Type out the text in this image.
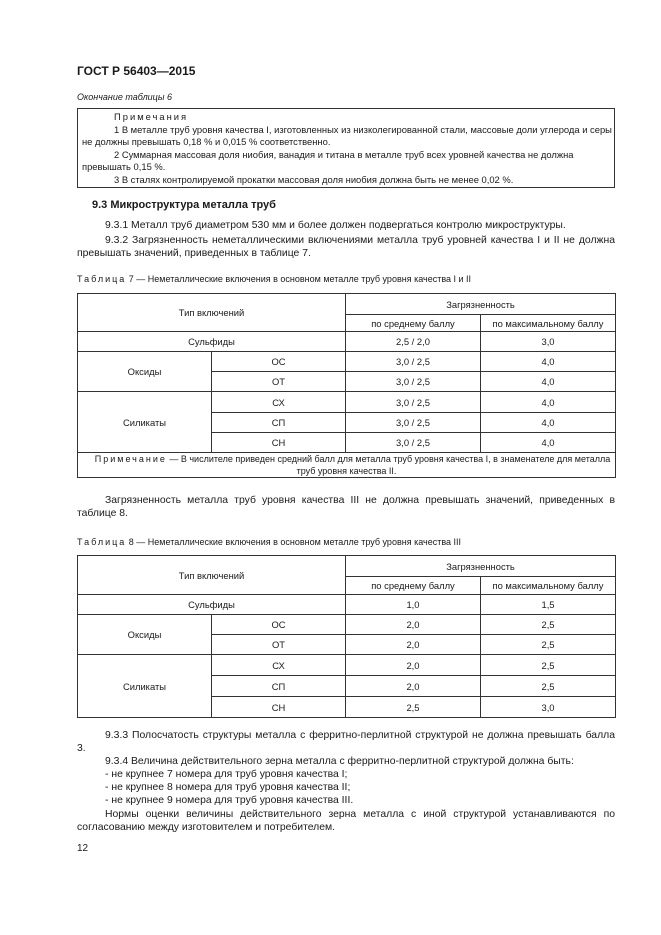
ГОСТ Р 56403—2015
Окончание таблицы 6

Примечания

1 В металле труб уровня качества I, изготовленных из низколегированной стали, массовые доли углерода и серы не должны превышать 0,18 % и 0,015 % соответственно.

2 Суммарная массовая доля ниобия, ванадия и титана в металле труб всех уровней качества не должна превышать 0,15 %.

3 В сталях контролируемой прокатки массовая доля ниобия должна быть не менее 0,02 %.

9.3 Микроструктура металла труб

9.3.1 Металл труб диаметром 530 мм и более должен подвергаться контролю микроструктуры.

9.3.2 Загрязненность неметаллическими включениями металла труб уровней качества I и II не должна превышать значений, приведенных в таблице 7.

Таблица 7 — Неметаллические включения в основном металле труб уровня качества I и II
Тип включений		Загрязненность	
		по среднему баллу	по максимальному баллу
Сульфиды		2,5 / 2,0	3,0
Оксиды	ОС	3,0 / 2,5	4,0
	ОТ	3,0 / 2,5	4,0
Силикаты	СХ	3,0 / 2,5	4,0
	СП	3,0 / 2,5	4,0
	СН	3,0 / 2,5	4,0
Примечание — В числителе приведен средний балл для металла труб уровня качества I, в знаменателе для металла труб уровня качества II.			

Загрязненность металла труб уровня качества III не должна превышать значений, приведенных в таблице 8.

Таблица 8 — Неметаллические включения в основном металле труб уровня качества III
Тип включений		Загрязненность	
		по среднему баллу	по максимальному баллу
Сульфиды		1,0	1,5
Оксиды	ОС	2,0	2,5
	ОТ	2,0	2,5
Силикаты	СХ	2,0	2,5
	СП	2,0	2,5
	СН	2,5	3,0

9.3.3 Полосчатость структуры металла с ферритно-перлитной структурой не должна превышать балла 3.

9.3.4 Величина действительного зерна металла с ферритно-перлитной структурой должна быть:

- не крупнее 7 номера для труб уровня качества I;

- не крупнее 8 номера для труб уровня качества II;

- не крупнее 9 номера для труб уровня качества III.

Нормы оценки величины действительного зерна металла с иной структурой устанавливаются по согласованию между изготовителем и потребителем.

12
